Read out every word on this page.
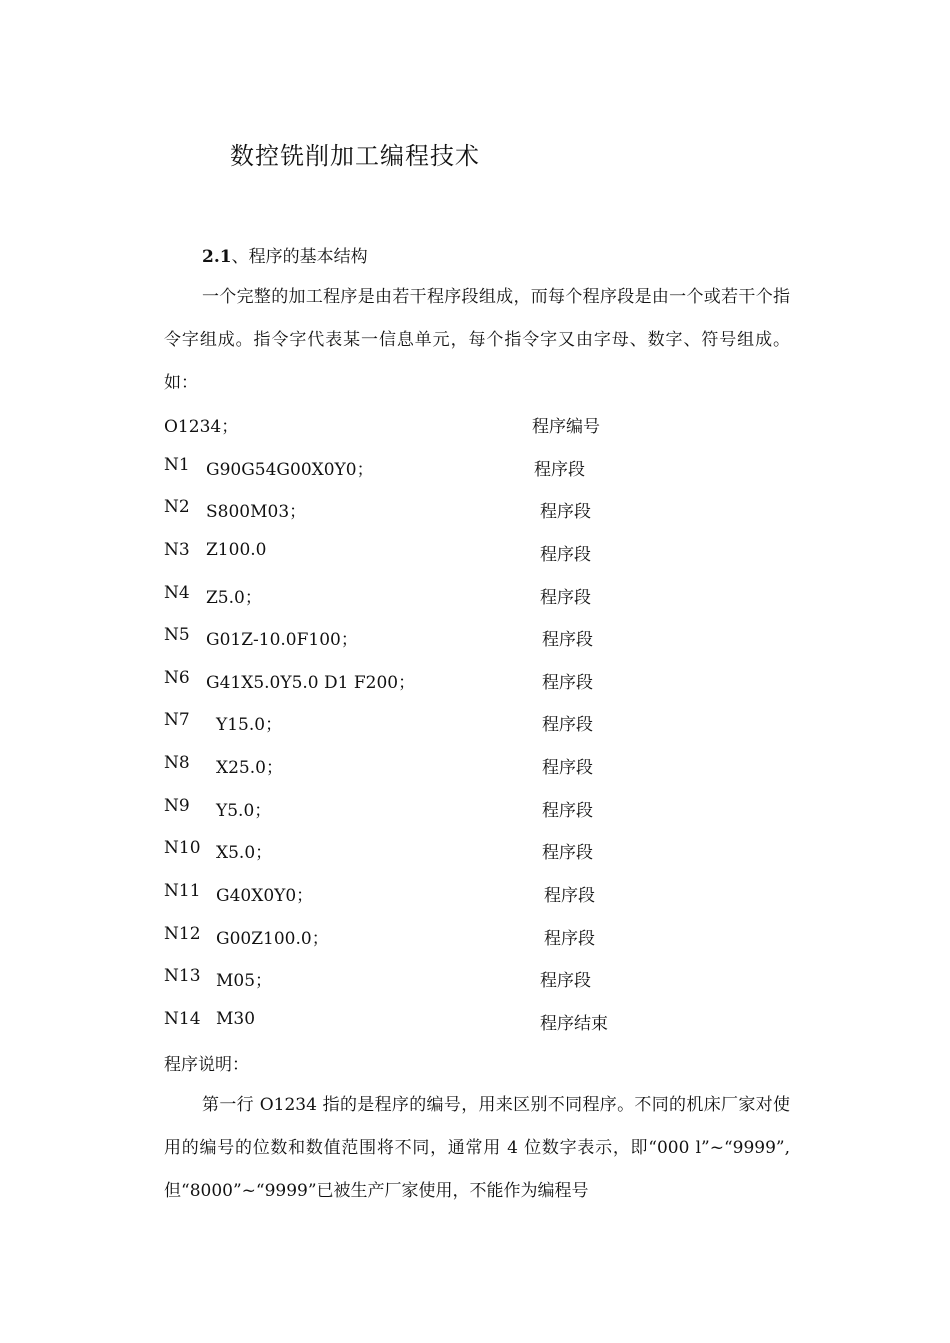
数控铣削加工编程技术
2.1、程序的基本结构
一个完整的加工程序是由若干程序段组成，而每个程序段是由一个或若干个指令字组成。指令字代表某一信息单元，每个指令字又由字母、数字、符号组成。如：
O1234；	程序编号
N1 G90G54G00X0Y0；	程序段
N2 S800M03；	程序段
N3 Z100.0	程序段
N4 Z5.0；	程序段
N5 G01Z-10.0F100；	程序段
N6 G41X5.0Y5.0 D1 F200；	程序段
N7 Y15.0；	程序段
N8 X25.0；	程序段
N9 Y5.0；	程序段
N10 X5.0；	程序段
N11 G40X0Y0；	程序段
N12 G00Z100.0；	程序段
N13 M05；	程序段
N14 M30	程序结束
程序说明：
第一行 O1234 指的是程序的编号，用来区别不同程序。不同的机床厂家对使用的编号的位数和数值范围将不同，通常用 4 位数字表示，即“000 l”~“9999”,但“8000”~“9999”已被生产厂家使用，不能作为编程号
